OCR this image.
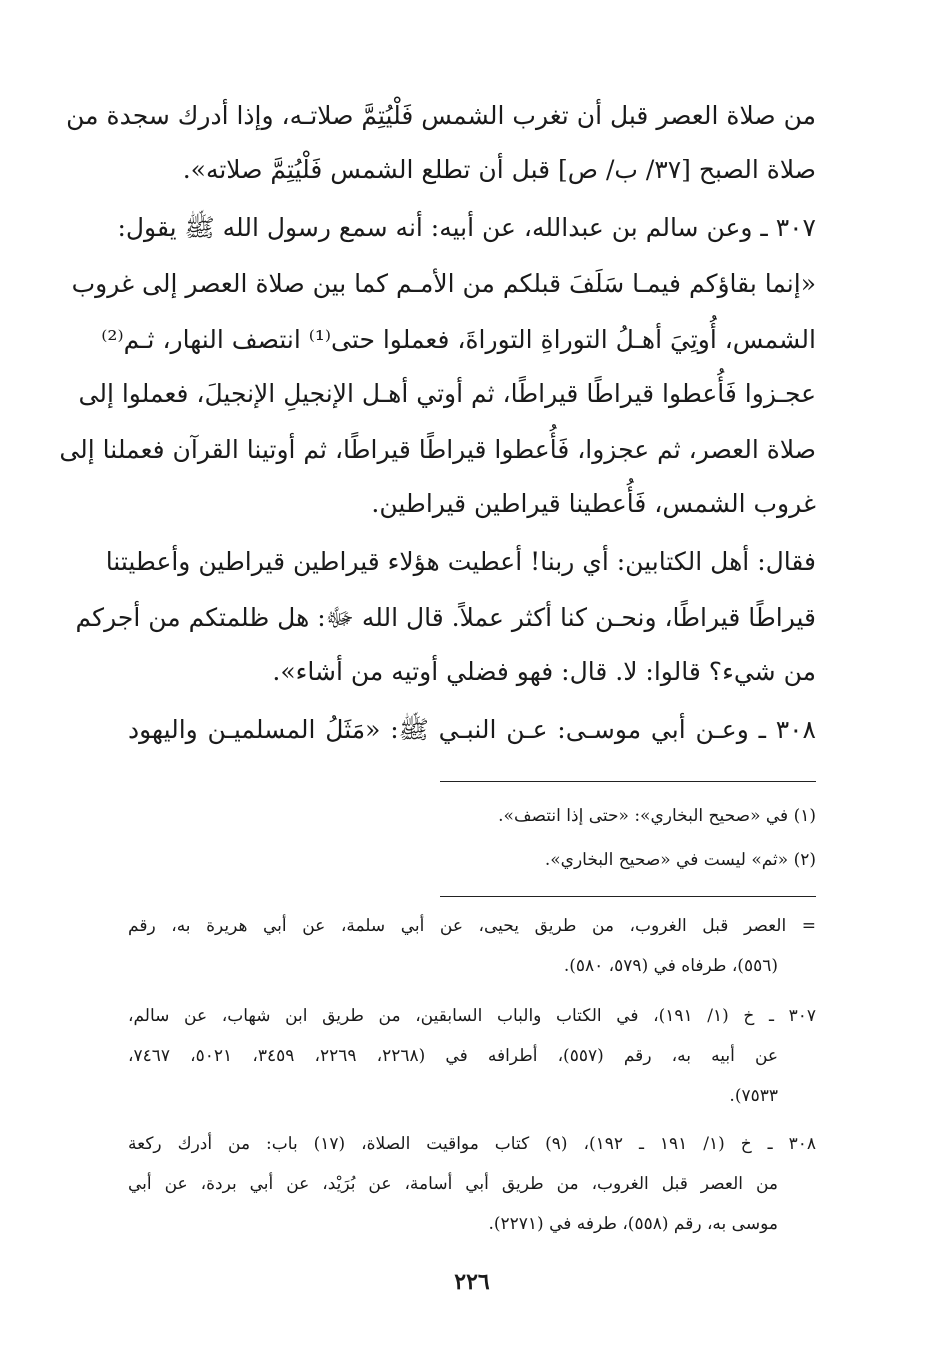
من صلاة العصر قبل أن تغرب الشمس فَلْيُتِمَّ صلاتـه، وإذا أدرك سجدة من
صلاة الصبح [٣٧/ ب/ ص] قبل أن تطلع الشمس فَلْيُتِمَّ صلاته».
٣٠٧ ـ وعن سالم بن عبدالله، عن أبيه: أنه سمع رسول الله ﷺ يقول:
«إنما بقاؤكم فيمـا سَلَفَ قبلكم من الأمـم كما بين صلاة العصر إلى غروب
الشمس، أُوتِيَ أهـلُ التوراةِ التوراةَ، فعملوا حتى⁽¹⁾ انتصف النهار، ثـم⁽²⁾
عجـزوا فَأُعطوا قيراطًا قيراطًا، ثم أوتي أهـل الإنجيلِ الإنجيلَ، فعملوا إلى
صلاة العصر، ثم عجزوا، فَأُعطوا قيراطًا قيراطًا، ثم أوتينا القرآن فعملنا إلى
غروب الشمس، فَأُعطينا قيراطين قيراطين.
فقال: أهل الكتابين: أي ربنا! أعطيت هؤلاء قيراطين قيراطين وأعطيتنا
قيراطًا قيراطًا، ونحـن كنا أكثر عملاً. قال الله ﷻ: هل ظلمتكم من أجركم
من شيء؟ قالوا: لا. قال: فهو فضلي أوتيه من أشاء».
٣٠٨ ـ وعـن أبي موسـى: عـن النبـي ﷺ: «مَثَلُ المسلميـن واليهود
(١) في «صحيح البخاري»: «حتى إذا انتصف».
(٢) «ثم» ليست في «صحيح البخاري».
= العصر قبل الغروب، من طريق يحيى، عن أبي سلمة، عن أبي هريرة به، رقم
(٥٥٦)، طرفاه في (٥٧٩، ٥٨٠).
٣٠٧ ـ خ (١/ ١٩١)، في الكتاب والباب السابقين، من طريق ابن شهاب، عن سالم،
عن أبيه به، رقم (٥٥٧)، أطرافه في (٢٢٦٨، ٢٢٦٩، ٣٤٥٩، ٥٠٢١، ٧٤٦٧،
٧٥٣٣).
٣٠٨ ـ خ (١/ ١٩١ ـ ١٩٢)، (٩) كتاب مواقيت الصلاة، (١٧) باب: من أدرك ركعة
من العصر قبل الغروب، من طريق أبي أسامة، عن بُرَيْد، عن أبي بردة، عن أبي
موسى به، رقم (٥٥٨)، طرفه في (٢٢٧١).
٢٢٦
